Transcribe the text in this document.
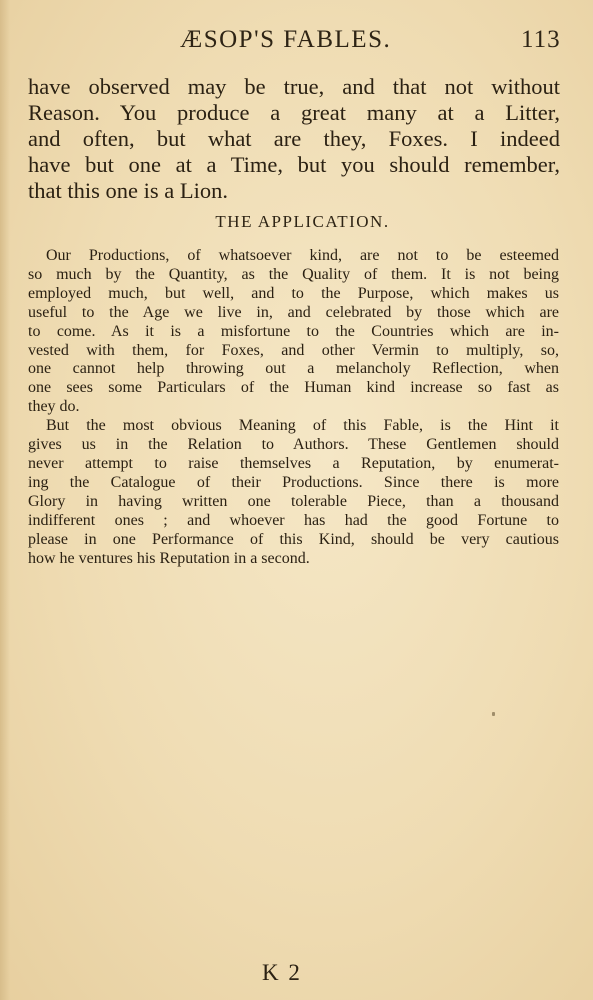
ÆSOP'S FABLES.	113
have observed may be true, and that not without
Reason. You produce a great many at a Litter,
and often, but what are they, Foxes. I indeed
have but one at a Time, but you should remember,
that this one is a Lion.
THE APPLICATION.
Our Productions, of whatsoever kind, are not to be esteemed
so much by the Quantity, as the Quality of them. It is not being
employed much, but well, and to the Purpose, which makes us
useful to the Age we live in, and celebrated by those which are
to come. As it is a misfortune to the Countries which are in-
vested with them, for Foxes, and other Vermin to multiply, so,
one cannot help throwing out a melancholy Reflection, when
one sees some Particulars of the Human kind increase so fast as
they do.
But the most obvious Meaning of this Fable, is the Hint it
gives us in the Relation to Authors. These Gentlemen should
never attempt to raise themselves a Reputation, by enumerat-
ing the Catalogue of their Productions. Since there is more
Glory in having written one tolerable Piece, than a thousand
indifferent ones ; and whoever has had the good Fortune to
please in one Performance of this Kind, should be very cautious
how he ventures his Reputation in a second.
K 2
